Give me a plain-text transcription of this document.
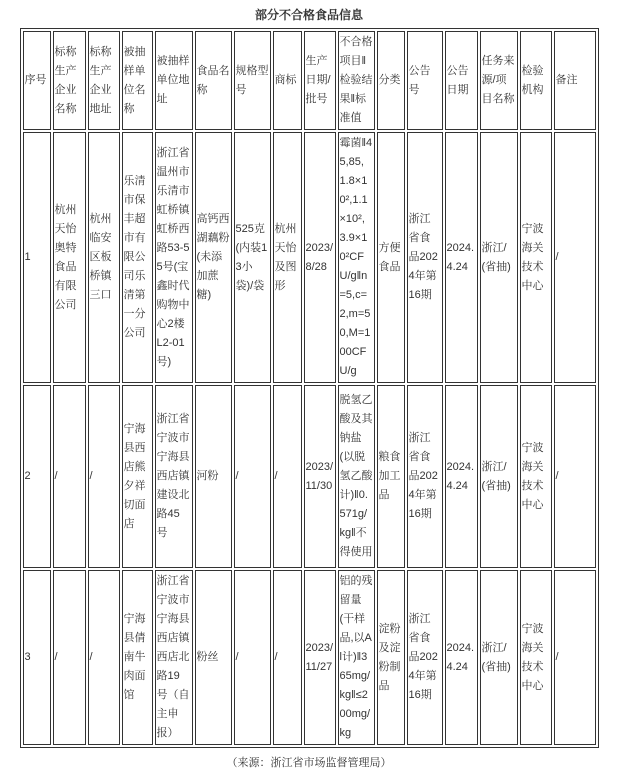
部分不合格食品信息
序号	标称生产企业名称	标称生产企业地址	被抽样单位名称	被抽样单位地址	食品名称	规格型号	商标	生产日期/批号	不合格项目‖检验结果‖标准值	分类	公告号	公告日期	任务来源/项目名称	检验机构	备注
1	杭州天怡奥特食品有限公司	杭州临安区板桥镇三口	乐清市保丰超市有限公司乐清第一分公司	浙江省温州市乐清市虹桥镇虹桥西路53-55号(宝鑫时代购物中心2楼L2-01号)	高钙西湖藕粉(未添加蔗糖)	525克(内装13小袋)/袋	杭州天怡及图形	2023/8/28	霉菌‖45,85,1.8×10²,1.1×10²,3.9×10²CFU/g‖n=5,c=2,m=50,M=100CFU/g	方便食品	浙江省食品2024年第16期	2024.4.24	浙江/(省抽)	宁波海关技术中心	/
2	/	/	宁海县西店熊夕祥切面店	浙江省宁波市宁海县西店镇建设北路45号	河粉	/	/	2023/11/30	脱氢乙酸及其钠盐(以脱氢乙酸计)‖0.571g/kg‖不得使用	粮食加工品	浙江省食品2024年第16期	2024.4.24	浙江/(省抽)	宁波海关技术中心	/
3	/	/	宁海县倩南牛肉面馆	浙江省宁波市宁海县西店镇西店北路19号（自主申报）	粉丝	/	/	2023/11/27	铝的残留量(干样品,以Al计)‖365mg/kg‖≤200mg/kg	淀粉及淀粉制品	浙江省食品2024年第16期	2024.4.24	浙江/(省抽)	宁波海关技术中心	/
（来源：浙江省市场监督管理局）
